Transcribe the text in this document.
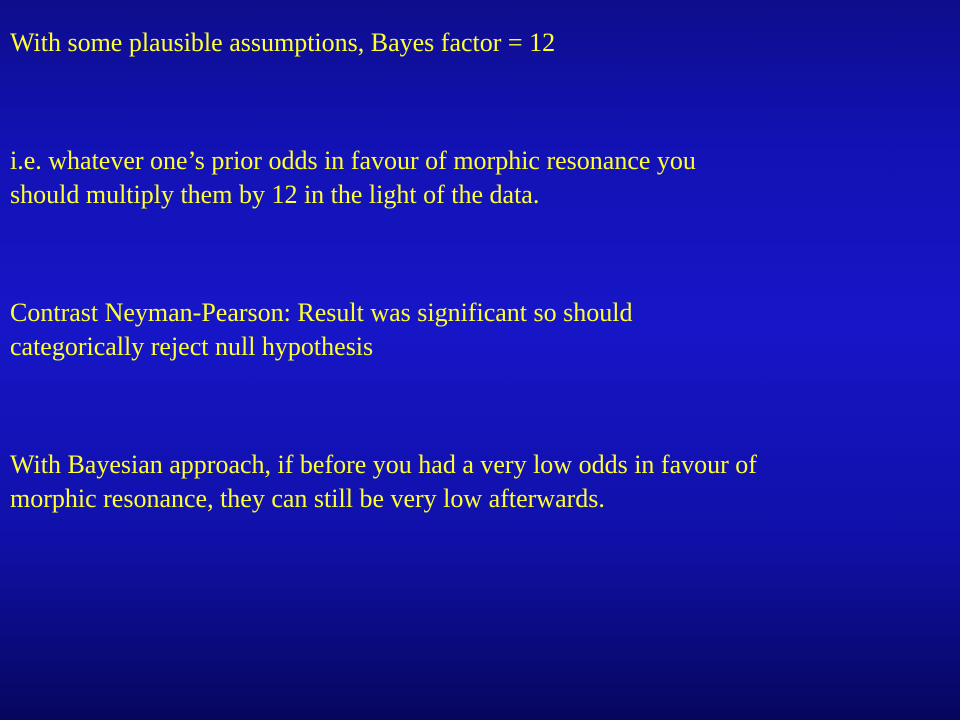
With some plausible assumptions, Bayes factor = 12

i.e. whatever one’s prior odds in favour of morphic resonance you
should multiply them by 12 in the light of the data.

Contrast Neyman-Pearson: Result was significant so should
categorically reject null hypothesis

With Bayesian approach, if before you had a very low odds in favour of
morphic resonance, they can still be very low afterwards.
